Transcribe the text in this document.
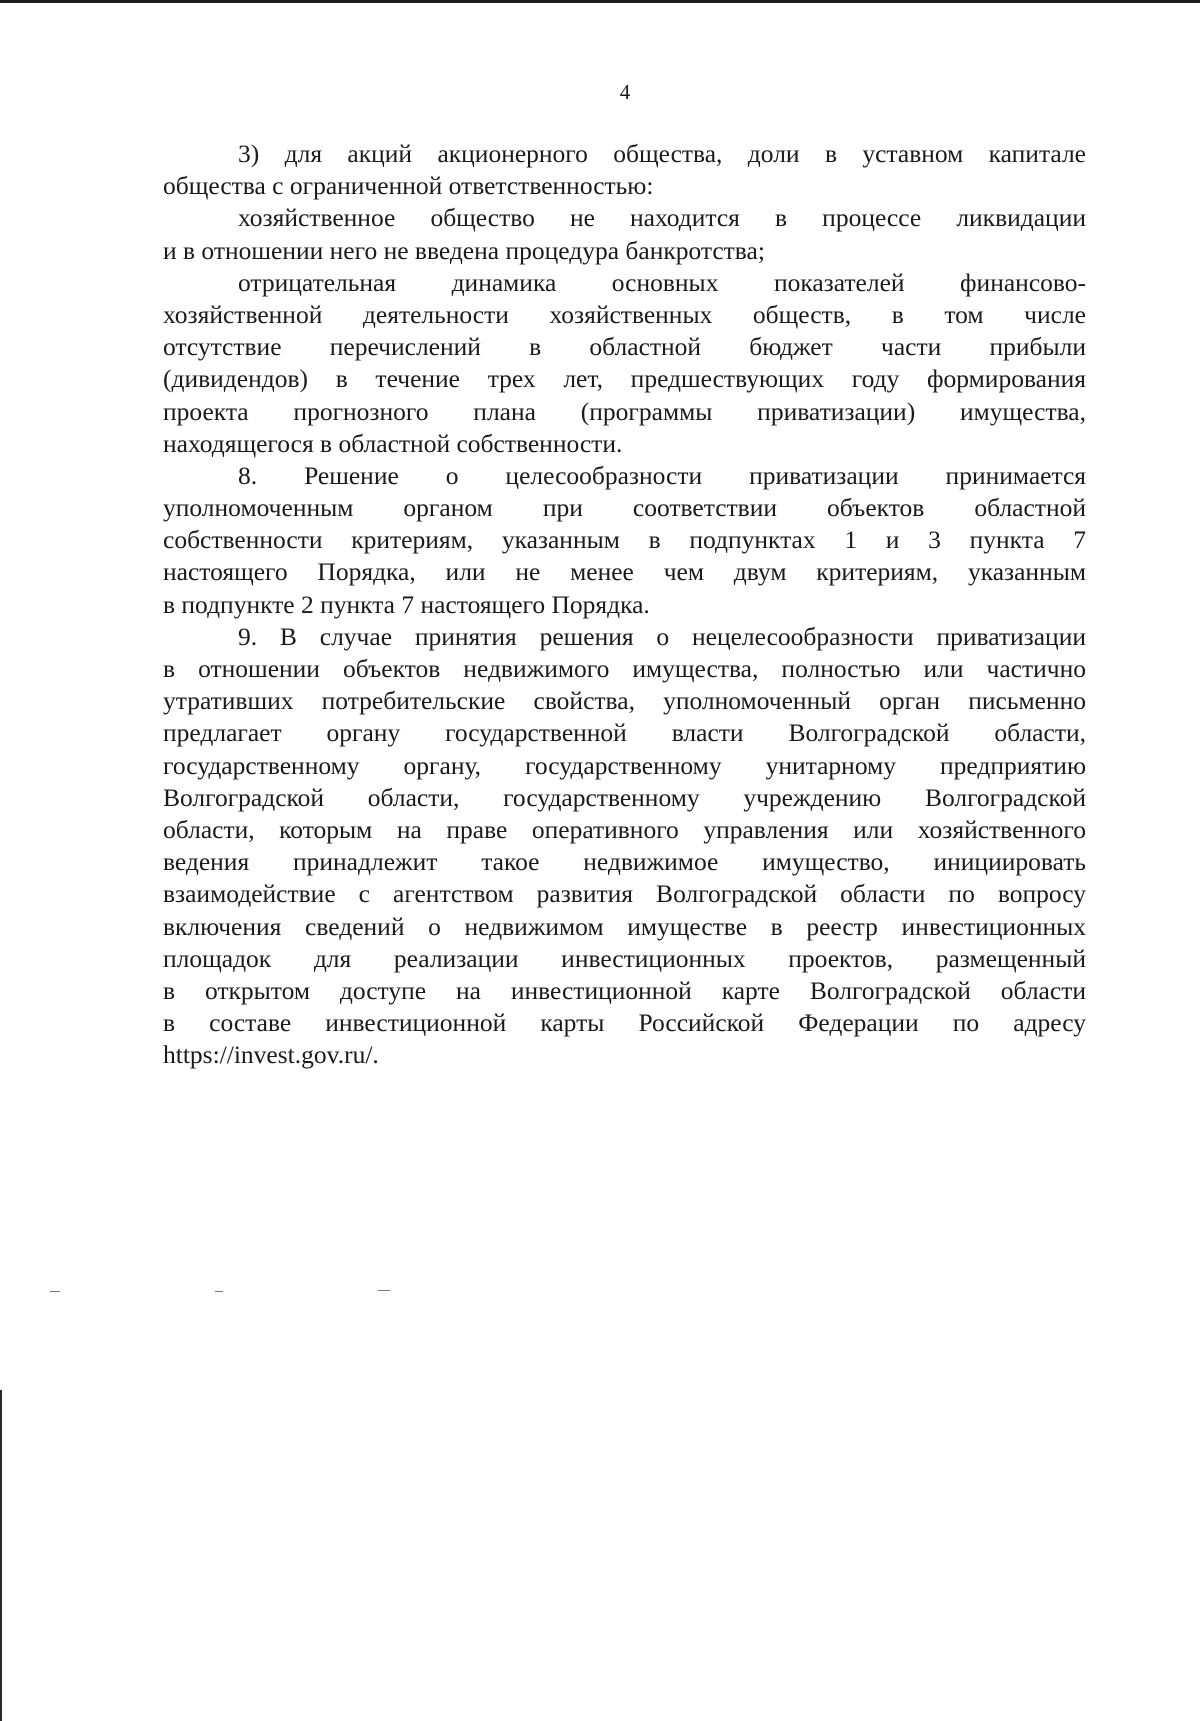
4
3) для акций акционерного общества, доли в уставном капитале
общества с ограниченной ответственностью:
хозяйственное общество не находится в процессе ликвидации
и в отношении него не введена процедура банкротства;
отрицательная динамика основных показателей финансово-
хозяйственной деятельности хозяйственных обществ, в том числе
отсутствие перечислений в областной бюджет части прибыли
(дивидендов) в течение трех лет, предшествующих году формирования
проекта прогнозного плана (программы приватизации) имущества,
находящегося в областной собственности.
8. Решение о целесообразности приватизации принимается
уполномоченным органом при соответствии объектов областной
собственности критериям, указанным в подпунктах 1 и 3 пункта 7
настоящего Порядка, или не менее чем двум критериям, указанным
в подпункте 2 пункта 7 настоящего Порядка.
9. В случае принятия решения о нецелесообразности приватизации
в отношении объектов недвижимого имущества, полностью или частично
утративших потребительские свойства, уполномоченный орган письменно
предлагает органу государственной власти Волгоградской области,
государственному органу, государственному унитарному предприятию
Волгоградской области, государственному учреждению Волгоградской
области, которым на праве оперативного управления или хозяйственного
ведения принадлежит такое недвижимое имущество, инициировать
взаимодействие с агентством развития Волгоградской области по вопросу
включения сведений о недвижимом имуществе в реестр инвестиционных
площадок для реализации инвестиционных проектов, размещенный
в открытом доступе на инвестиционной карте Волгоградской области
в составе инвестиционной карты Российской Федерации по адресу
https://invest.gov.ru/.
